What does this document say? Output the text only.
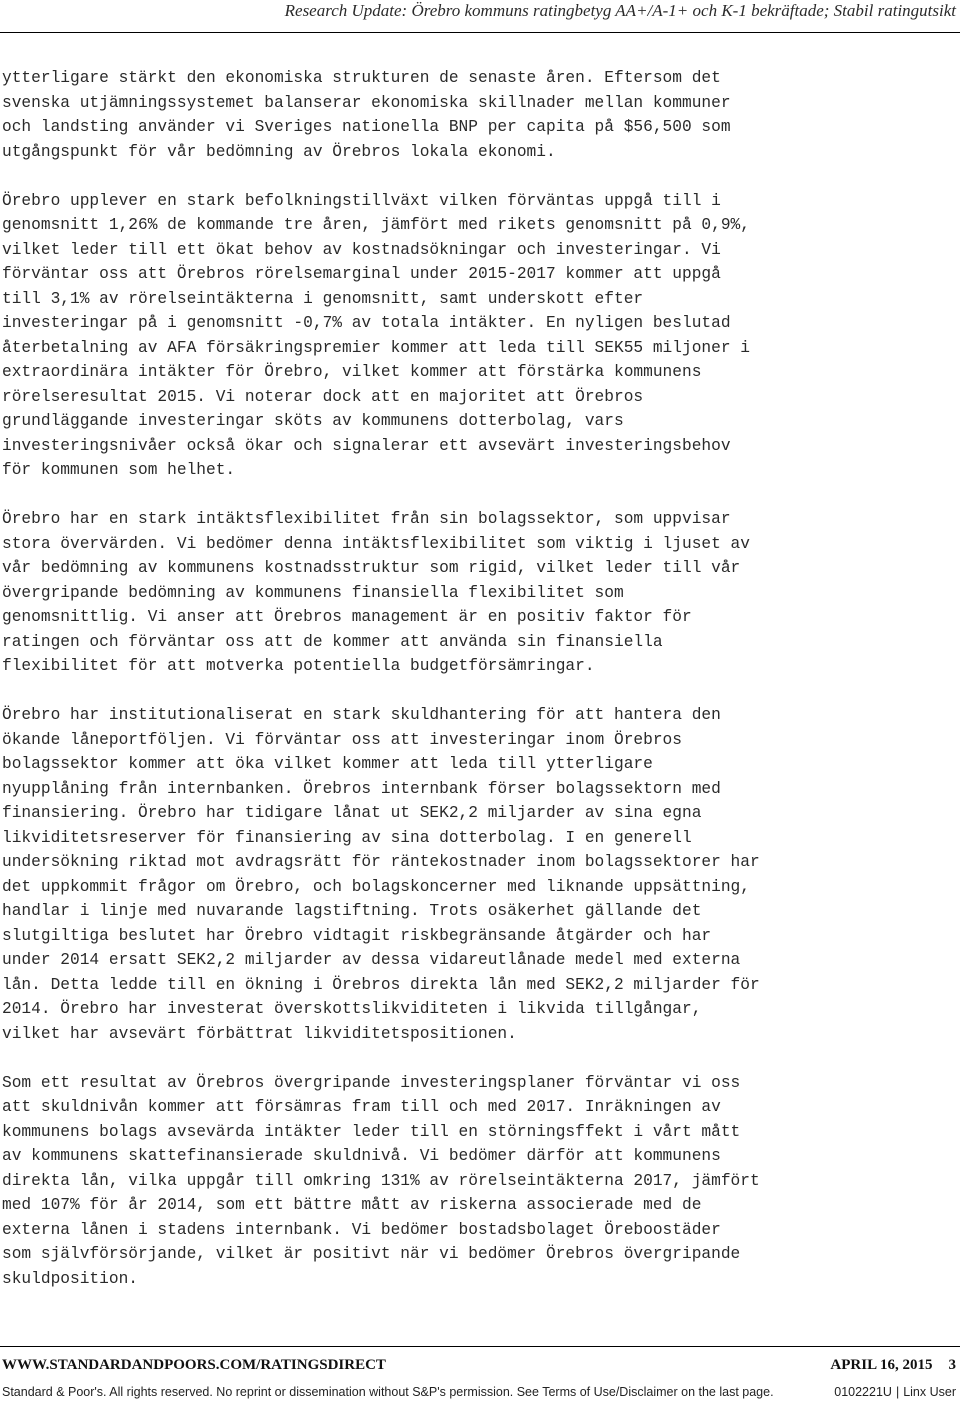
Research Update: Örebro kommuns ratingbetyg AA+/A-1+ och K-1 bekräftade; Stabil ratingutsikt

ytterligare stärkt den ekonomiska strukturen de senaste åren. Eftersom det
svenska utjämningssystemet balanserar ekonomiska skillnader mellan kommuner
och landsting använder vi Sveriges nationella BNP per capita på $56,500 som
utgångspunkt för vår bedömning av Örebros lokala ekonomi.

Örebro upplever en stark befolkningstillväxt vilken förväntas uppgå till i
genomsnitt 1,26% de kommande tre åren, jämfört med rikets genomsnitt på 0,9%,
vilket leder till ett ökat behov av kostnadsökningar och investeringar. Vi
förväntar oss att Örebros rörelsemarginal under 2015-2017 kommer att uppgå
till 3,1% av rörelseintäkterna i genomsnitt, samt underskott efter
investeringar på i genomsnitt -0,7% av totala intäkter. En nyligen beslutad
återbetalning av AFA försäkringspremier kommer att leda till SEK55 miljoner i
extraordinära intäkter för Örebro, vilket kommer att förstärka kommunens
rörelseresultat 2015. Vi noterar dock att en majoritet att Örebros
grundläggande investeringar sköts av kommunens dotterbolag, vars
investeringsnivåer också ökar och signalerar ett avsevärt investeringsbehov
för kommunen som helhet.

Örebro har en stark intäktsflexibilitet från sin bolagssektor, som uppvisar
stora övervärden. Vi bedömer denna intäktsflexibilitet som viktig i ljuset av
vår bedömning av kommunens kostnadsstruktur som rigid, vilket leder till vår
övergripande bedömning av kommunens finansiella flexibilitet som
genomsnittlig. Vi anser att Örebros management är en positiv faktor för
ratingen och förväntar oss att de kommer att använda sin finansiella
flexibilitet för att motverka potentiella budgetförsämringar.

Örebro har institutionaliserat en stark skuldhantering för att hantera den
ökande låneportföljen. Vi förväntar oss att investeringar inom Örebros
bolagssektor kommer att öka vilket kommer att leda till ytterligare
nyupplåning från internbanken. Örebros internbank förser bolagssektorn med
finansiering. Örebro har tidigare lånat ut SEK2,2 miljarder av sina egna
likviditetsreserver för finansiering av sina dotterbolag. I en generell
undersökning riktad mot avdragsrätt för räntekostnader inom bolagssektorer har
det uppkommit frågor om Örebro, och bolagskoncerner med liknande uppsättning,
handlar i linje med nuvarande lagstiftning. Trots osäkerhet gällande det
slutgiltiga beslutet har Örebro vidtagit riskbegränsande åtgärder och har
under 2014 ersatt SEK2,2 miljarder av dessa vidareutlånade medel med externa
lån. Detta ledde till en ökning i Örebros direkta lån med SEK2,2 miljarder för
2014. Örebro har investerat överskottslikviditeten i likvida tillgångar,
vilket har avsevärt förbättrat likviditetspositionen.

Som ett resultat av Örebros övergripande investeringsplaner förväntar vi oss
att skuldnivån kommer att försämras fram till och med 2017. Inräkningen av
kommunens bolags avsevärda intäkter leder till en störningsffekt i vårt mått
av kommunens skattefinansierade skuldnivå. Vi bedömer därför att kommunens
direkta lån, vilka uppgår till omkring 131% av rörelseintäkterna 2017, jämfört
med 107% för år 2014, som ett bättre mått av riskerna associerade med de
externa lånen i stadens internbank. Vi bedömer bostadsbolaget Öreboostäder
som självförsörjande, vilket är positivt när vi bedömer Örebros övergripande
skuldposition.

WWW.STANDARDANDPOORS.COM/RATINGSDIRECT	APRIL 16, 2015 3
Standard & Poor's. All rights reserved. No reprint or dissemination without S&P's permission. See Terms of Use/Disclaimer on the last page.	0102221U | Linx User
